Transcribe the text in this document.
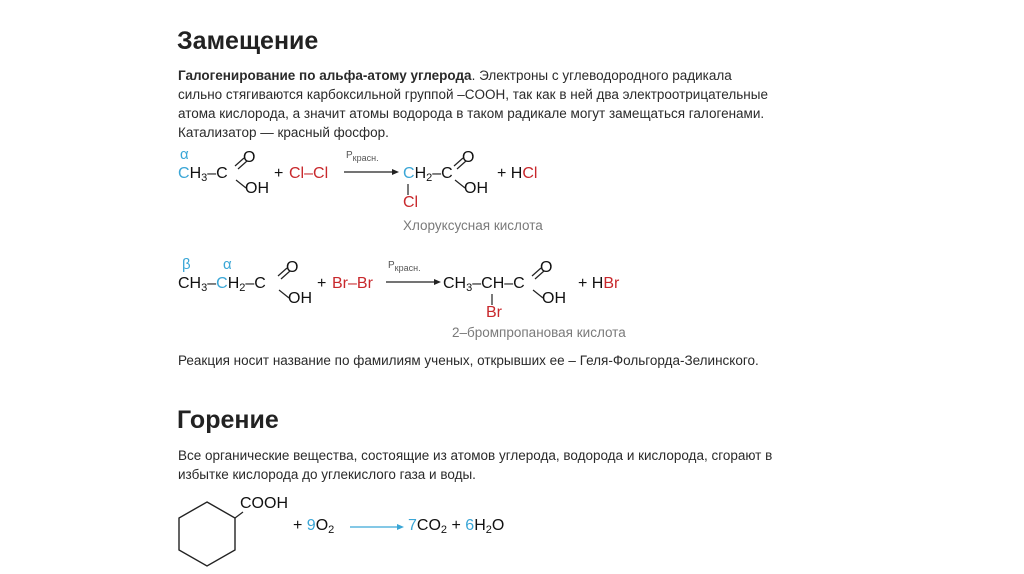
Замещение
Галогенирование по альфа-атому углерода. Электроны с углеводородного радикала
сильно стягиваются карбоксильной группой –COOH, так как в ней два электроотрицательные
атома кислорода, а значит атомы водорода в таком радикале могут замещаться галогенами.
Катализатор — красный фосфор.
α
$CH_3-C$
O
OH
+ Cl–Cl
$P_{красн.}$
$CH_2-C$
O
OH
Cl
+ HCl
Хлоруксусная кислота
β α
$CH_3-CH_2-C$
O
OH
+ Br–Br
$P_{красн.}$
$CH_3-CH-C$
O
OH
Br
+ HBr
2–бромпропановая кислота
Реакция носит название по фамилиям ученых, открывших ее – Геля-Фольгорда-Зелинского.
Горение
Все органические вещества, состоящие из атомов углерода, водорода и кислорода, сгорают в
избытке кислорода до углекислого газа и воды.
COOH
+ $9O_2$	$7CO_2 + 6H_2O$
